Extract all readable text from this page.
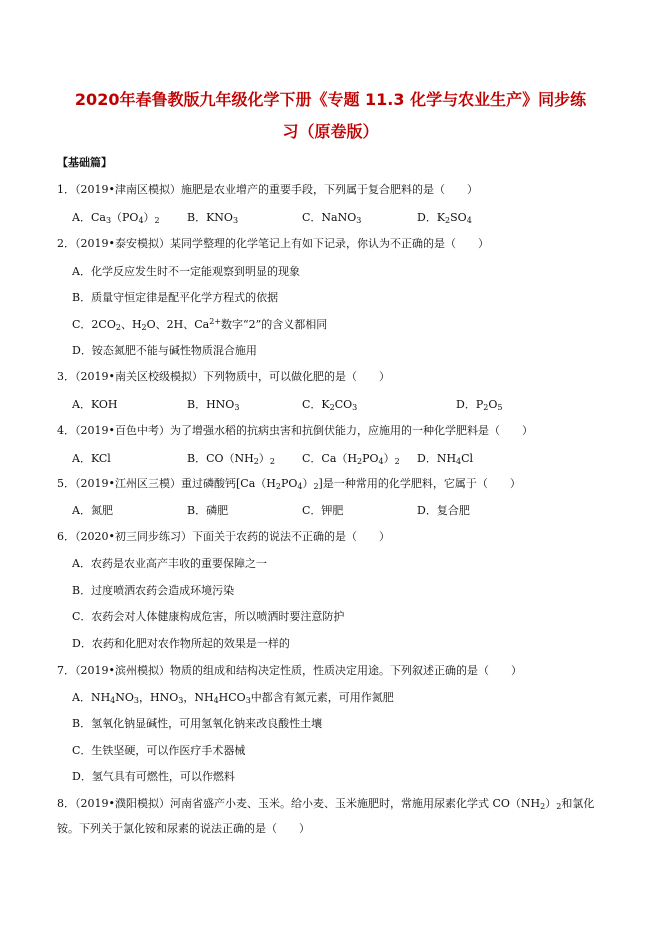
2020年春鲁教版九年级化学下册《专题 11.3 化学与农业生产》同步练
习（原卷版）
【基础篇】
1．（2019•津南区模拟）施肥是农业增产的重要手段，下列属于复合肥料的是（　　）
A．$Ca_3(PO_4)_2$ B．$KNO_3$	C．NaNO$_3$	D．$K_2SO_4$
2．（2019•泰安模拟）某同学整理的化学笔记上有如下记录，你认为不正确的是（　　）
A．化学反应发生时不一定能观察到明显的现象
B．质量守恒定律是配平化学方程式的依据
C．$2CO_2$、$H_2O$、2H、$Ca^{2+}$数字“2”的含义都相同
D．铵态氮肥不能与碱性物质混合施用
3．（2019•南关区校级模拟）下列物质中，可以做化肥的是（　　）
A．KOH	B．$HNO_3$	C．$K_2CO_3$	D．$P_2O_5$
4．（2019•百色中考）为了增强水稻的抗病虫害和抗倒伏能力，应施用的一种化学肥料是（　　）
A．KCl	B．$CO(NH_2)_2$ C．$Ca(H_2PO_4)_2$ D．$NH_4Cl$
5．（2019•江州区三模）重过磷酸钙$[Ca(H_2PO_4)_2]$是一种常用的化学肥料，它属于（　　）
A．氮肥	B．磷肥	C．钾肥	D．复合肥
6．（2020•初三同步练习）下面关于农药的说法不正确的是（　　）
A．农药是农业高产丰收的重要保障之一
B．过度喷洒农药会造成环境污染
C．农药会对人体健康构成危害，所以喷洒时要注意防护
D．农药和化肥对农作物所起的效果是一样的
7．（2019•滨州模拟）物质的组成和结构决定性质，性质决定用途。下列叙述正确的是（　　）
A．$NH_4NO_3$，$HNO_3$，$NH_4HCO_3$中都含有氮元素，可用作氮肥
B．氢氧化钠显碱性，可用氢氧化钠来改良酸性土壤
C．生铁坚硬，可以作医疗手术器械
D．氢气具有可燃性，可以作燃料
8．（2019•濮阳模拟）河南省盛产小麦、玉米。给小麦、玉米施肥时，常施用尿素化学式 $CO(NH_2)_2$和氯化
铵。下列关于氯化铵和尿素的说法正确的是（　　）
